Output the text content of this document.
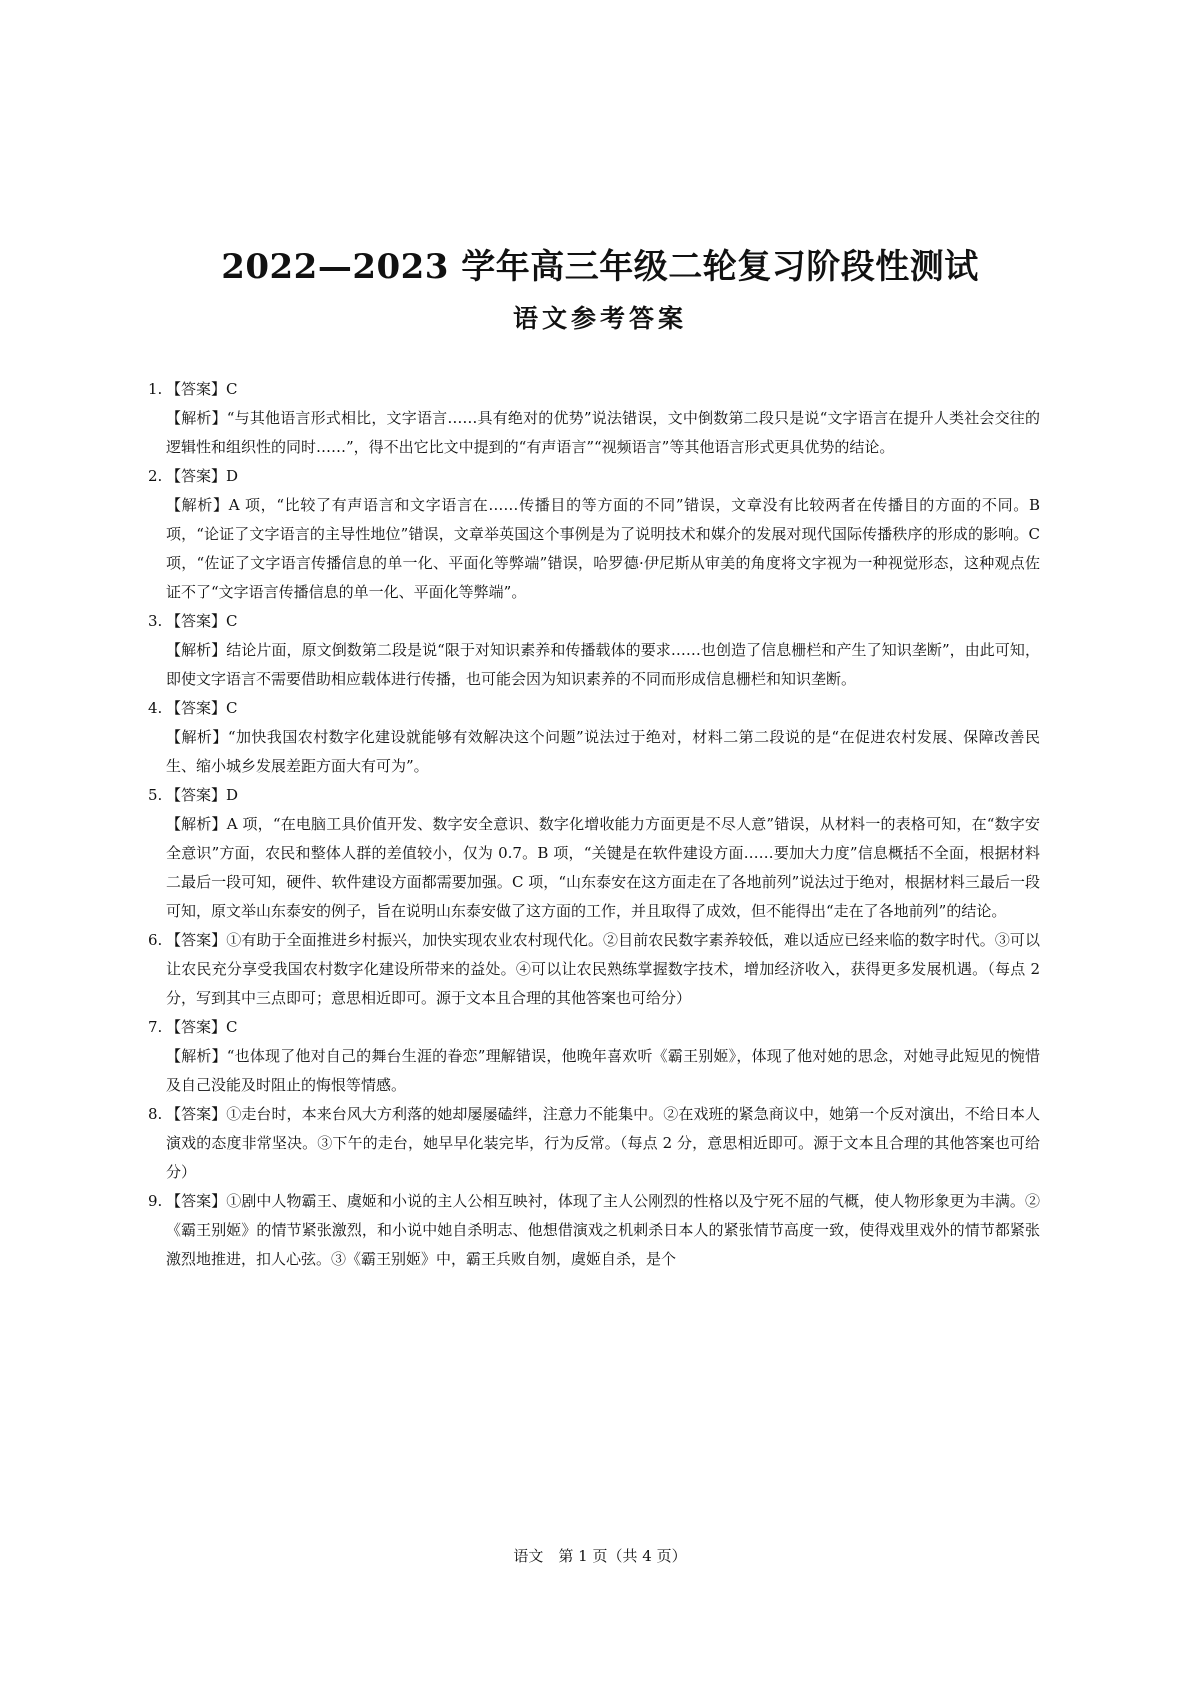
2022—2023 学年高三年级二轮复习阶段性测试
语文参考答案
1. 【答案】C
【解析】“与其他语言形式相比，文字语言……具有绝对的优势”说法错误，文中倒数第二段只是说“文字语言在提升人类社会交往的逻辑性和组织性的同时……”，得不出它比文中提到的“有声语言”“视频语言”等其他语言形式更具优势的结论。
2. 【答案】D
【解析】A 项，“比较了有声语言和文字语言在……传播目的等方面的不同”错误，文章没有比较两者在传播目的方面的不同。B 项，“论证了文字语言的主导性地位”错误，文章举英国这个事例是为了说明技术和媒介的发展对现代国际传播秩序的形成的影响。C 项，“佐证了文字语言传播信息的单一化、平面化等弊端”错误，哈罗德·伊尼斯从审美的角度将文字视为一种视觉形态，这种观点佐证不了“文字语言传播信息的单一化、平面化等弊端”。
3. 【答案】C
【解析】结论片面，原文倒数第二段是说“限于对知识素养和传播载体的要求……也创造了信息栅栏和产生了知识垄断”，由此可知，即使文字语言不需要借助相应载体进行传播，也可能会因为知识素养的不同而形成信息栅栏和知识垄断。
4. 【答案】C
【解析】“加快我国农村数字化建设就能够有效解决这个问题”说法过于绝对，材料二第二段说的是“在促进农村发展、保障改善民生、缩小城乡发展差距方面大有可为”。
5. 【答案】D
【解析】A 项，“在电脑工具价值开发、数字安全意识、数字化增收能力方面更是不尽人意”错误，从材料一的表格可知，在“数字安全意识”方面，农民和整体人群的差值较小，仅为 0.7。B 项，“关键是在软件建设方面……要加大力度”信息概括不全面，根据材料二最后一段可知，硬件、软件建设方面都需要加强。C 项，“山东泰安在这方面走在了各地前列”说法过于绝对，根据材料三最后一段可知，原文举山东泰安的例子，旨在说明山东泰安做了这方面的工作，并且取得了成效，但不能得出“走在了各地前列”的结论。
6. 【答案】①有助于全面推进乡村振兴，加快实现农业农村现代化。②目前农民数字素养较低，难以适应已经来临的数字时代。③可以让农民充分享受我国农村数字化建设所带来的益处。④可以让农民熟练掌握数字技术，增加经济收入，获得更多发展机遇。（每点 2 分，写到其中三点即可；意思相近即可。源于文本且合理的其他答案也可给分）
7. 【答案】C
【解析】“也体现了他对自己的舞台生涯的眷恋”理解错误，他晚年喜欢听《霸王别姬》，体现了他对她的思念，对她寻此短见的惋惜及自己没能及时阻止的悔恨等情感。
8. 【答案】①走台时，本来台风大方利落的她却屡屡磕绊，注意力不能集中。②在戏班的紧急商议中，她第一个反对演出，不给日本人演戏的态度非常坚决。③下午的走台，她早早化装完毕，行为反常。（每点 2 分，意思相近即可。源于文本且合理的其他答案也可给分）
9. 【答案】①剧中人物霸王、虞姬和小说的主人公相互映衬，体现了主人公刚烈的性格以及宁死不屈的气概，使人物形象更为丰满。②《霸王别姬》的情节紧张激烈，和小说中她自杀明志、他想借演戏之机刺杀日本人的紧张情节高度一致，使得戏里戏外的情节都紧张激烈地推进，扣人心弦。③《霸王别姬》中，霸王兵败自刎，虞姬自杀，是个
语文　第 1 页（共 4 页）
